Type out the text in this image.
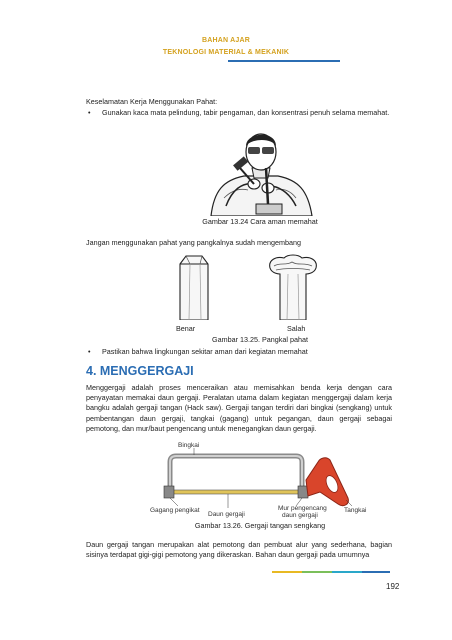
BAHAN AJAR
TEKNOLOGI MATERIAL & MEKANIK
Keselamatan Kerja Menggunakan Pahat:
• Gunakan kaca mata pelindung, tabir pengaman, dan konsentrasi penuh selama memahat.
Gambar 13.24 Cara aman memahat
Jangan menggunakan pahat yang pangkalnya sudah mengembang
Benar	Salah
Gambar 13.25. Pangkal pahat
• Pastikan bahwa lingkungan sekitar aman dari kegiatan memahat
4. MENGGERGAJI
Menggergaji adalah proses menceraikan atau memisahkan benda kerja dengan cara penyayatan memakai daun gergaji. Peralatan utama dalam kegiatan menggergaji dalam kerja bangku adalah gergaji tangan (Hack saw). Gergaji tangan terdiri dari bingkai (sengkang) untuk pembentangan daun gergaji, tangkai (gagang) untuk pegangan, daun gergaji sebagai pemotong, dan mur/baut pengencang untuk menegangkan daun gergaji.
Bingkai
Gagang pengikat
Daun gergaji
Mur pengencang
daun gergaji
Tangkai
Gambar 13.26. Gergaji tangan sengkang
Daun gergaji tangan merupakan alat pemotong dan pembuat alur yang sederhana, bagian sisinya terdapat gigi-gigi pemotong yang dikeraskan. Bahan daun gergaji pada umumnya
192
